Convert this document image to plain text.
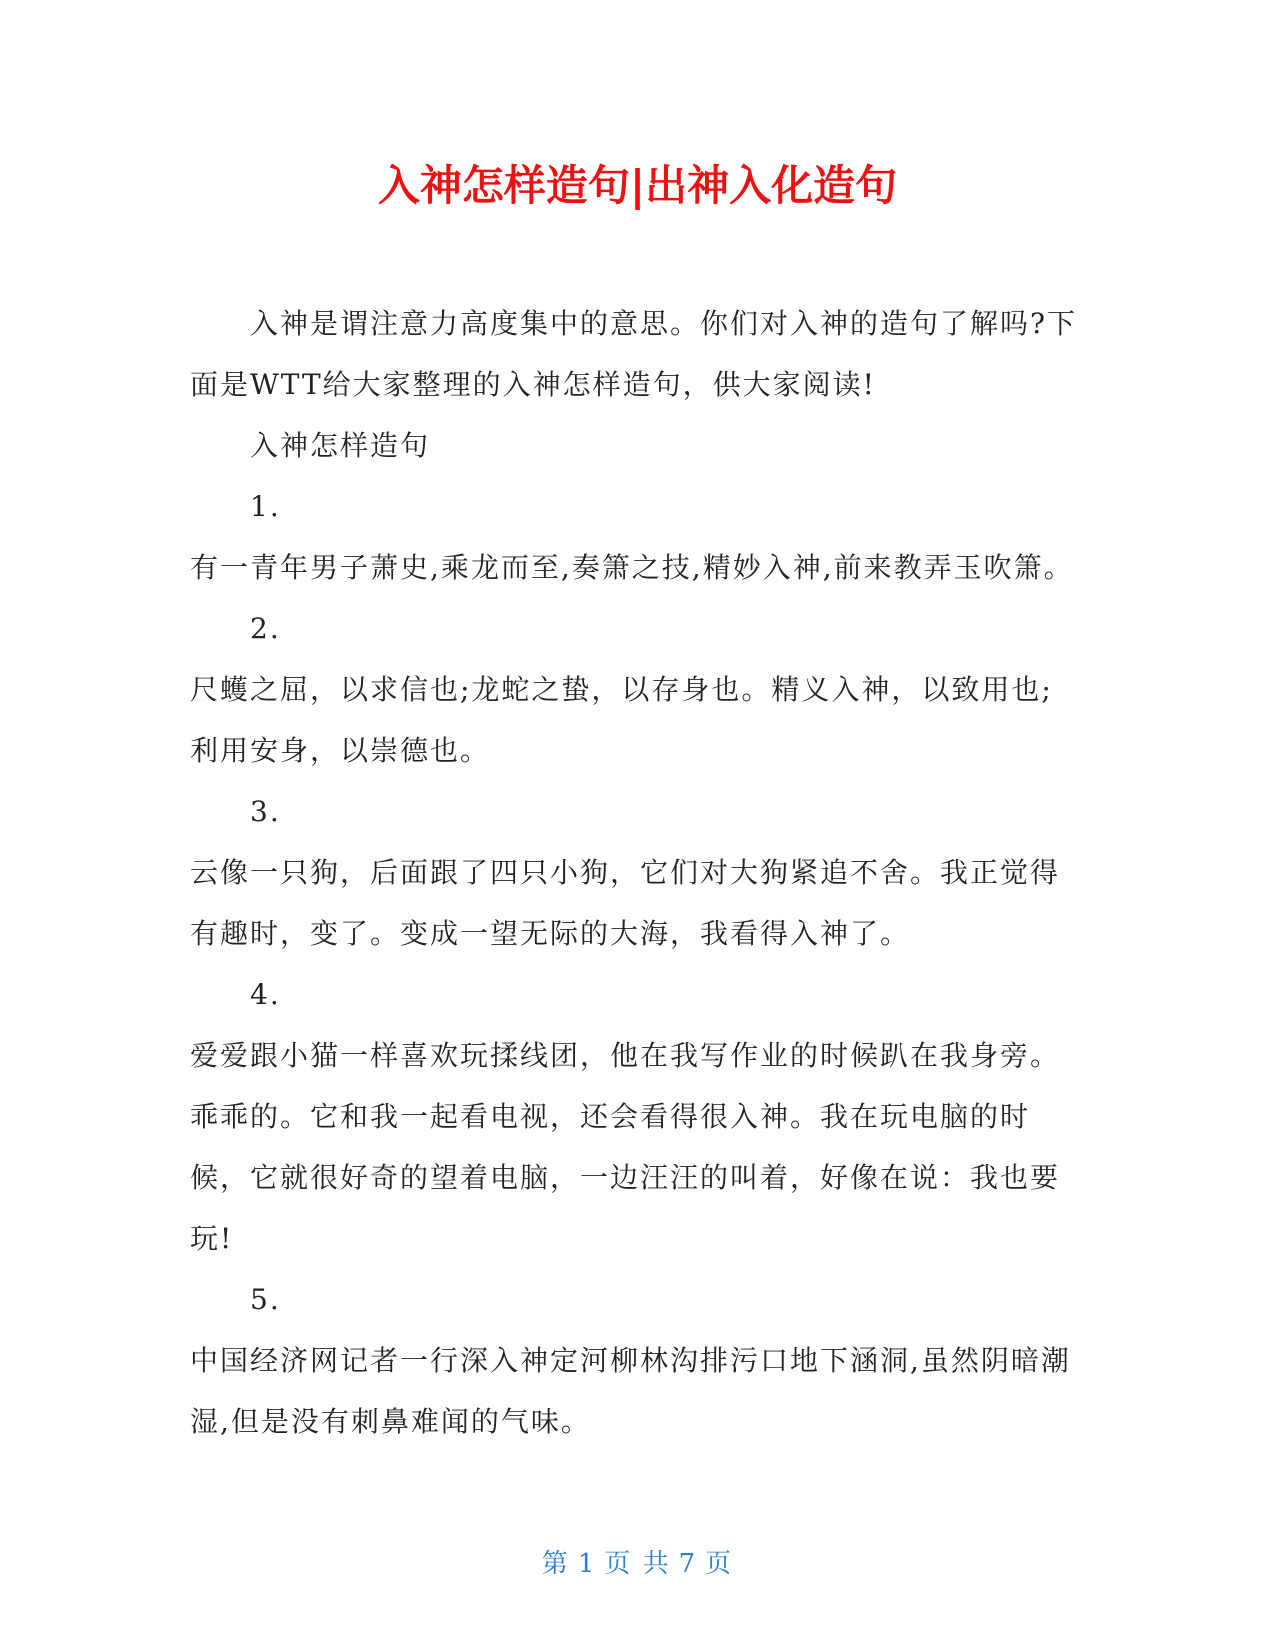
入神怎样造句|出神入化造句

入神是谓注意力高度集中的意思。你们对入神的造句了解吗?下面是WTT给大家整理的入神怎样造句，供大家阅读!

入神怎样造句

1.

有一青年男子萧史,乘龙而至,奏箫之技,精妙入神,前来教弄玉吹箫。

2.

尺蠖之屈，以求信也;龙蛇之蛰，以存身也。精义入神，以致用也;利用安身，以崇德也。

3.

云像一只狗，后面跟了四只小狗，它们对大狗紧追不舍。我正觉得有趣时，变了。变成一望无际的大海，我看得入神了。

4.

爱爱跟小猫一样喜欢玩揉线团，他在我写作业的时候趴在我身旁。乖乖的。它和我一起看电视，还会看得很入神。我在玩电脑的时候，它就很好奇的望着电脑，一边汪汪的叫着，好像在说：我也要玩!

5.

中国经济网记者一行深入神定河柳林沟排污口地下涵洞,虽然阴暗潮湿,但是没有刺鼻难闻的气味。

第 1 页 共 7 页
